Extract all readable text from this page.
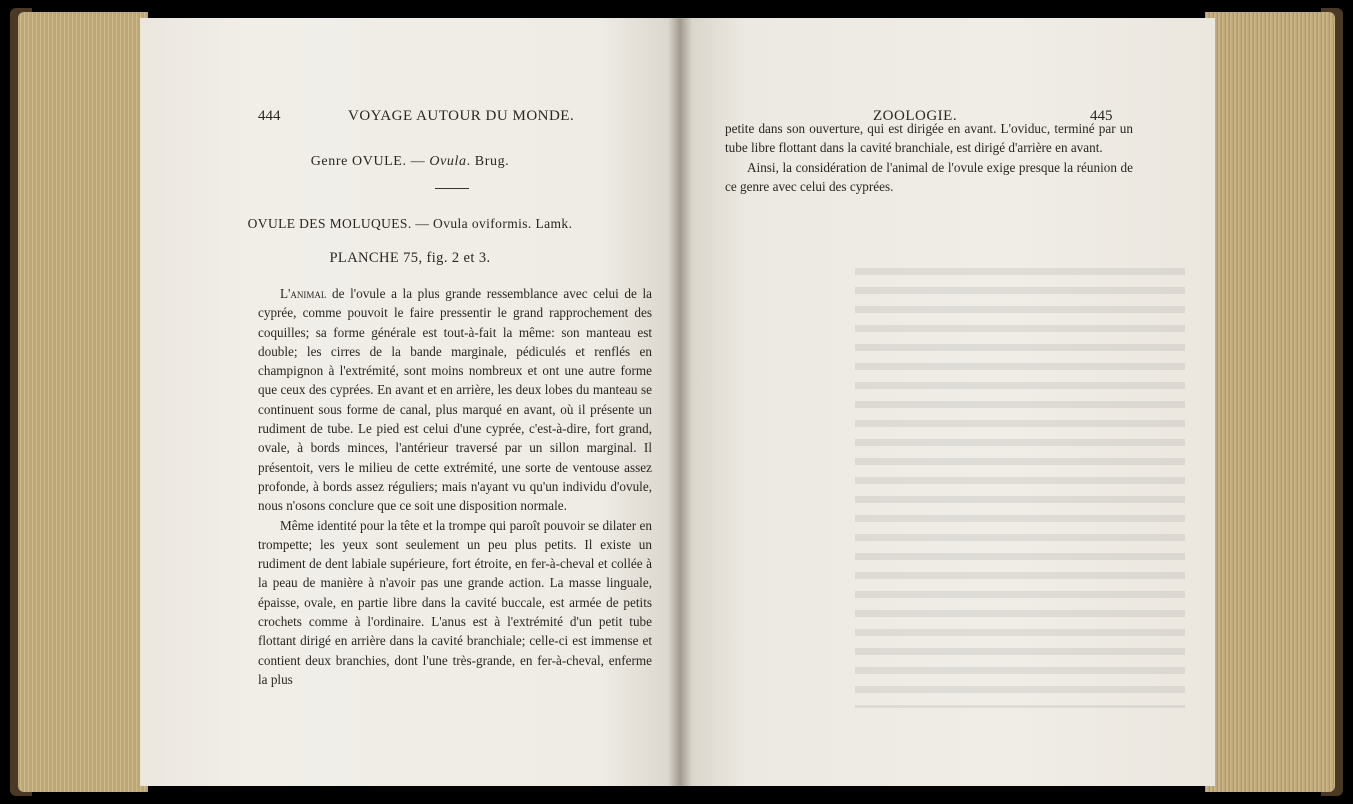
444	VOYAGE AUTOUR DU MONDE.
Genre OVULE. — Ovula. Brug.
OVULE DES MOLUQUES. — Ovula oviformis. Lamk.
PLANCHE 75, fig. 2 et 3.

L'animal de l'ovule a la plus grande ressemblance avec celui de la cyprée, comme pouvoit le faire pressentir le grand rapprochement des coquilles; sa forme générale est tout-à-fait la même: son manteau est double; les cirres de la bande marginale, pédiculés et renflés en champignon à l'extrémité, sont moins nombreux et ont une autre forme que ceux des cyprées. En avant et en arrière, les deux lobes du manteau se continuent sous forme de canal, plus marqué en avant, où il présente un rudiment de tube. Le pied est celui d'une cyprée, c'est-à-dire, fort grand, ovale, à bords minces, l'antérieur traversé par un sillon marginal. Il présentoit, vers le milieu de cette extrémité, une sorte de ventouse assez profonde, à bords assez réguliers; mais n'ayant vu qu'un individu d'ovule, nous n'osons conclure que ce soit une disposition normale.

Même identité pour la tête et la trompe qui paroît pouvoir se dilater en trompette; les yeux sont seulement un peu plus petits. Il existe un rudiment de dent labiale supérieure, fort étroite, en fer-à-cheval et collée à la peau de manière à n'avoir pas une grande action. La masse linguale, épaisse, ovale, en partie libre dans la cavité buccale, est armée de petits crochets comme à l'ordinaire. L'anus est à l'extrémité d'un petit tube flottant dirigé en arrière dans la cavité branchiale; celle-ci est immense et contient deux branchies, dont l'une très-grande, en fer-à-cheval, enferme la plus

ZOOLOGIE.	445

petite dans son ouverture, qui est dirigée en avant. L'oviduc, terminé par un tube libre flottant dans la cavité branchiale, est dirigé d'arrière en avant.

Ainsi, la considération de l'animal de l'ovule exige presque la réunion de ce genre avec celui des cyprées.
